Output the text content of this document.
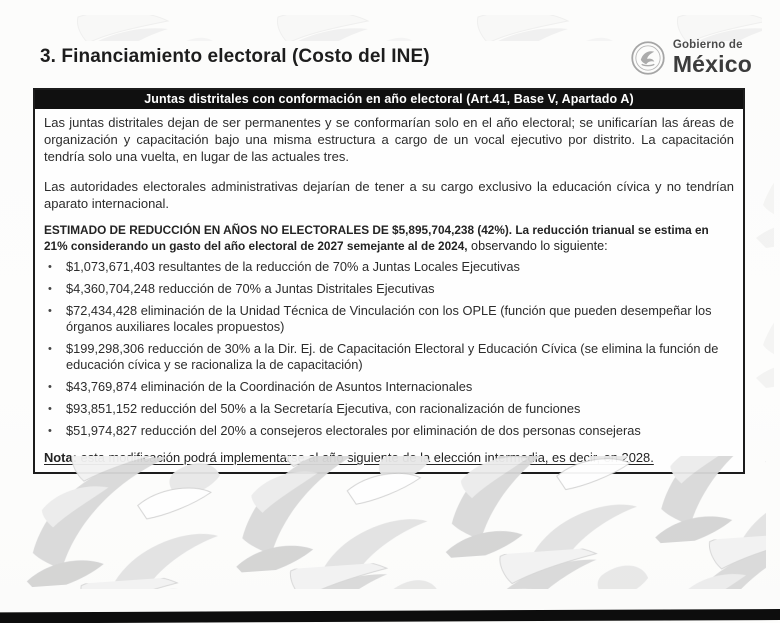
3. Financiamiento electoral (Costo del INE)
Gobierno de
México
Juntas distritales con conformación en año electoral (Art.41, Base V, Apartado A)

Las juntas distritales dejan de ser permanentes y se conformarían solo en el año electoral; se unificarían las áreas de organización y capacitación bajo una misma estructura a cargo de un vocal ejecutivo por distrito. La capacitación tendría solo una vuelta, en lugar de las actuales tres.

Las autoridades electorales administrativas dejarían de tener a su cargo exclusivo la educación cívica y no tendrían aparato internacional.

ESTIMADO DE REDUCCIÓN EN AÑOS NO ELECTORALES DE $5,895,704,238 (42%). La reducción trianual se estima en 21% considerando un gasto del año electoral de 2027 semejante al de 2024, observando lo siguiente:

• $1,073,671,403 resultantes de la reducción de 70% a Juntas Locales Ejecutivas
• $4,360,704,248 reducción de 70% a Juntas Distritales Ejecutivas
• $72,434,428 eliminación de la Unidad Técnica de Vinculación con los OPLE (función que pueden desempeñar los órganos auxiliares locales propuestos)
• $199,298,306 reducción de 30% a la Dir. Ej. de Capacitación Electoral y Educación Cívica (se elimina la función de educación cívica y se racionaliza la de capacitación)
• $43,769,874 eliminación de la Coordinación de Asuntos Internacionales
• $93,851,152 reducción del 50% a la Secretaría Ejecutiva, con racionalización de funciones
• $51,974,827 reducción del 20% a consejeros electorales por eliminación de dos personas consejeras
